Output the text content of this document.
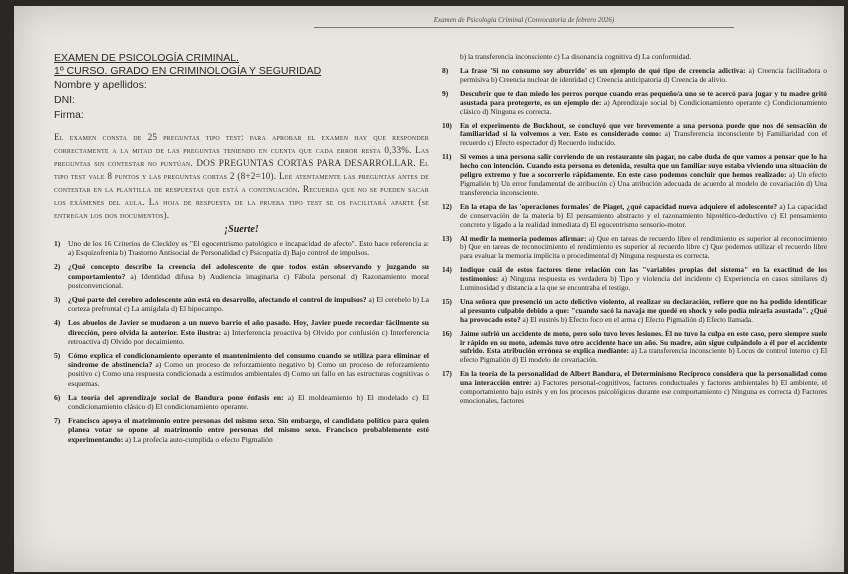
Examen de Psicología Criminal (Convocatoria de febrero 2026)

EXAMEN DE PSICOLOGÍA CRIMINAL.

1º CURSO. GRADO EN CRIMINOLOGÍA Y SEGURIDAD

Nombre y apellidos:

DNI:

Firma:

El examen consta de 25 preguntas tipo test: para aprobar el examen hay que responder correctamente a la mitad de las preguntas teniendo en cuenta que cada error resta 0,33%. Las preguntas sin contestar no puntúan. DOS PREGUNTAS CORTAS PARA DESARROLLAR. El tipo test vale 8 puntos y las preguntas cortas 2 (8+2=10). Lee atentamente las preguntas antes de contestar en la plantilla de respuestas que está a continuación. Recuerda que no se pueden sacar los exámenes del aula. La hoja de respuesta de la prueba tipo test se os facilitará aparte (se entregan los dos documentos).
¡Suerte!
1)	Uno de los 16 Criterios de Cleckley es "El egocentrismo patológico e incapacidad de afecto". Esto hace referencia a: a) Esquizofrenia b) Trastorno Antisocial de Personalidad c) Psicopatía d) Bajo control de impulsos.
2)	¿Qué concepto describe la creencia del adolescente de que todos están observando y juzgando su comportamiento? a) Identidad difusa b) Audiencia imaginaria c) Fábula personal d) Razonamiento moral postconvencional.
3)	¿Qué parte del cerebro adolescente aún está en desarrollo, afectando el control de impulsos? a) El cerebelo b) La corteza prefrontal c) La amígdala d) El hipocampo.
4)	Los abuelos de Javier se mudaron a un nuevo barrio el año pasado. Hoy, Javier puede recordar fácilmente su dirección, pero olvida la anterior. Esto ilustra: a) Interferencia proactiva b) Olvido por confusión c) Interferencia retroactiva d) Olvido por decaimiento.
5)	Cómo explica el condicionamiento operante el mantenimiento del consumo cuando se utiliza para eliminar el síndrome de abstinencia? a) Como un proceso de reforzamiento negativo b) Como un proceso de reforzamiento positivo c) Como una respuesta condicionada a estímulos ambientales d) Como un fallo en las estructuras cognitivas o esquemas.
6)	La teoría del aprendizaje social de Bandura pone énfasis en: a) El moldeamiento b) El modelado c) El condicionamiento clásico d) El condicionamiento operante.
7)	Francisco apoya el matrimonio entre personas del mismo sexo. Sin embargo, el candidato político para quien planea votar se opone al matrimonio entre personas del mismo sexo. Francisco probablemente esté experimentando: a) La profecía auto-cumplida o efecto Pigmalión
b) la transferencia inconsciente c) La disonancia cognitiva d) La conformidad.
8)	La frase 'Si no consumo soy aburrido' es un ejemplo de qué tipo de creencia adictiva: a) Creencia facilitadora o permisiva b) Creencia nuclear de identidad c) Creencia anticipatoria d) Creencia de alivio.
9)	Descubrir que te dan miedo los perros porque cuando eras pequeño/a uno se te acercó para jugar y tu madre gritó asustada para protegerte, es un ejemplo de: a) Aprendizaje social b) Condicionamiento operante c) Condicionamiento clásico d) Ninguna es correcta.
10)	En el experimento de Buckhout, se concluyó que ver brevemente a una persona puede que nos dé sensación de familiaridad si la volvemos a ver. Esto es considerado como: a) Transferencia inconsciente b) Familiaridad con el recuerdo c) Efecto espectador d) Recuerdo inducido.
11)	Si vemos a una persona salir corriendo de un restaurante sin pagar, no cabe duda de que vamos a pensar que lo ha hecho con intención. Cuando esta persona es detenida, resulta que un familiar suyo estaba viviendo una situación de peligro extremo y fue a socorrerlo rápidamente. En este caso podemos concluir que hemos realizado: a) Un efecto Pigmalión b) Un error fundamental de atribución c) Una atribución adecuada de acuerdo al modelo de covariación d) Una transferencia inconsciente.
12)	En la etapa de las 'operaciones formales' de Piaget, ¿qué capacidad nueva adquiere el adolescente? a) La capacidad de conservación de la materia b) El pensamiento abstracto y el razonamiento hipotético-deductivo c) El pensamiento concreto y ligado a la realidad inmediata d) El egocentrismo sensorio-motor.
13)	Al medir la memoria podemos afirmar: a) Que en tareas de recuerdo libre el rendimiento es superior al reconocimiento b) Que en tareas de reconocimiento el rendimiento es superior al recuerdo libre c) Que podemos utilizar el recuerdo libre para evaluar la memoria implícita o procedimental d) Ninguna respuesta es correcta.
14)	Indique cuál de estos factores tiene relación con las "variables propias del sistema" en la exactitud de los testimonios: a) Ninguna respuesta es verdadera b) Tipo y violencia del incidente c) Experiencia en casos similares d) Luminosidad y distancia a la que se encontraba el testigo.
15)	Una señora que presenció un acto delictivo violento, al realizar su declaración, refiere que no ha podido identificar al presunto culpable debido a que: "cuando sacó la navaja me quedé en shock y solo podía mirarla asustada". ¿Qué ha provocado esto? a) El eustrés b) Efecto foco en el arma c) Efecto Pigmalión d) Efecto llamada.
16)	Jaime sufrió un accidente de moto, pero solo tuvo leves lesiones. Él no tuvo la culpa en este caso, pero siempre suele ir rápido en su moto, además tuvo otro accidente hace un año. Su madre, aún sigue culpándolo a él por el accidente sufrido. Esta atribución errónea se explica mediante: a) La transferencia inconsciente b) Locus de control interno c) El efecto Pigmalión d) El modelo de covariación.
17)	En la teoría de la personalidad de Albert Bandura, el Determinismo Recíproco considera que la personalidad como una interacción entre: a) Factores personal-cognitivos, factores conductuales y factores ambientales b) El ambiente, el comportamiento bajo estrés y en los procesos psicológicos durante ese comportamiento c) Ninguna es correcta d) Factores emocionales, factores
